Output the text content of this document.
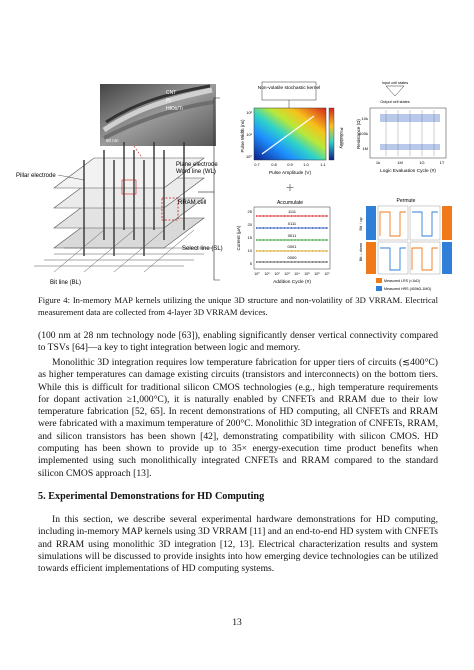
CNT
Pt
HfOx/Ti
50 nm
Pillar electrode
Plane electrode
Word line (WL)
RRAM cell
Select line (SL)
Bit line (BL)
Non-volatile stochastic kernel
Probability
Pulse Width (ns)
Pulse Amplitude (V)
0.7	0.8	0.9	1.0	1.1
10²
10¹
10⁰
Input cell states
Output cell states
Resistance (Ω)
10k
100k
1M
1k	1M	1G	1T
Logic Evaluation Cycle (#)
+
Accumulate
1111
0111
0011
0001
0000
25
20
15
10
5
Current (μA)
10⁰ 10¹ 10² 10³ 10⁴ 10⁵ 10⁶ 10⁷
Addition Cycle (#)
Permute
Bit ↑ up
Bit ↓ down
Measured LRS (<1kΩ)
Measured HRS (400kΩ-1MΩ)
Figure 4: In-memory MAP kernels utilizing the unique 3D structure and non-volatility of 3D VRRAM. Electrical measurement data are collected from 4-layer 3D VRRAM devices.

(100 nm at 28 nm technology node [63]), enabling significantly denser vertical connectivity compared to TSVs [64]—a key to tight integration between logic and memory.

Monolithic 3D integration requires low temperature fabrication for upper tiers of circuits (≲400°C) as higher temperatures can damage existing circuits (transistors and interconnects) on the bottom tiers. While this is difficult for traditional silicon CMOS technologies (e.g., high temperature requirements for dopant activation ≥1,000°C), it is naturally enabled by CNFETs and RRAM due to their low temperature fabrication [52, 65]. In recent demonstrations of HD computing, all CNFETs and RRAM were fabricated with a maximum temperature of 200°C. Monolithic 3D integration of CNFETs, RRAM, and silicon transistors has been shown [42], demonstrating compatibility with silicon CMOS. HD computing has been shown to provide up to 35× energy-execution time product benefits when implemented using such monolithically integrated CNFETs and RRAM compared to the standard silicon CMOS approach [13].

5. Experimental Demonstrations for HD Computing

In this section, we describe several experimental hardware demonstrations for HD computing, including in-memory MAP kernels using 3D VRRAM [11] and an end-to-end HD system with CNFETs and RRAM using monolithic 3D integration [12, 13]. Electrical characterization results and system simulations will be discussed to provide insights into how emerging device technologies can be utilized towards efficient implementations of HD computing systems.

13
